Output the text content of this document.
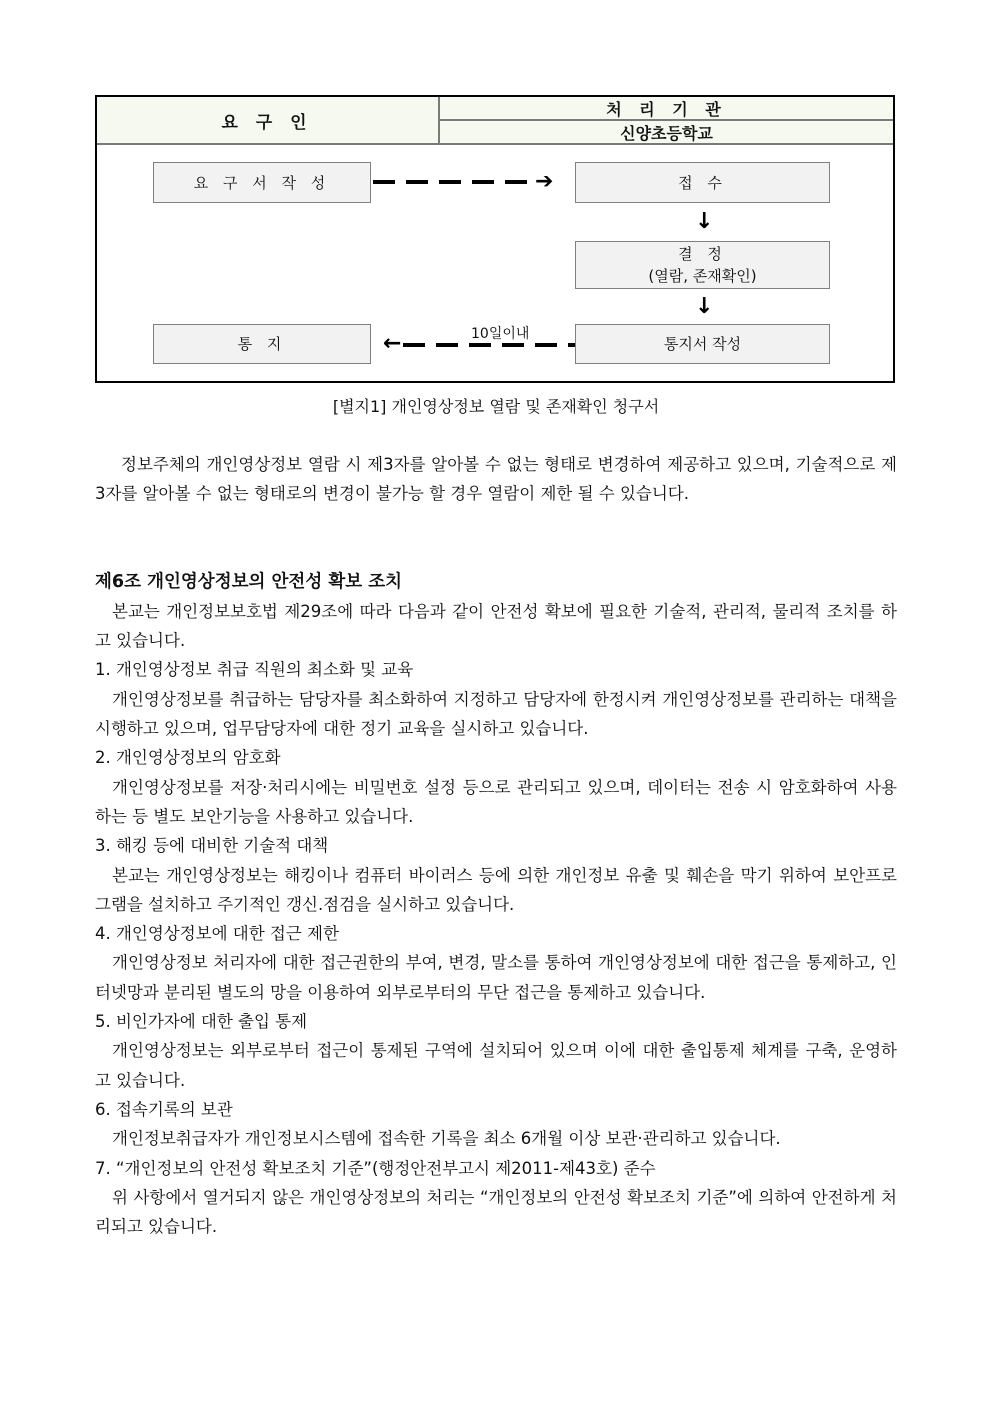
요 구 인
처 리 기 관
신양초등학교
요 구 서 작 성	➔	접 수
↓
결 정
(열람, 존재확인)
↓
통 지	←	10일이내
통지서 작성
[별지1] 개인영상정보 열람 및 존재확인 청구서

정보주체의 개인영상정보 열람 시 제3자를 알아볼 수 없는 형태로 변경하여 제공하고 있으며, 기술적으로 제3자를 알아볼 수 없는 형태로의 변경이 불가능 할 경우 열람이 제한 될 수 있습니다.

제6조 개인영상정보의 안전성 확보 조치

본교는 개인정보보호법 제29조에 따라 다음과 같이 안전성 확보에 필요한 기술적, 관리적, 물리적 조치를 하고 있습니다.

1. 개인영상정보 취급 직원의 최소화 및 교육

개인영상정보를 취급하는 담당자를 최소화하여 지정하고 담당자에 한정시켜 개인영상정보를 관리하는 대책을 시행하고 있으며, 업무담당자에 대한 정기 교육을 실시하고 있습니다.

2. 개인영상정보의 암호화

개인영상정보를 저장·처리시에는 비밀번호 설정 등으로 관리되고 있으며, 데이터는 전송 시 암호화하여 사용하는 등 별도 보안기능을 사용하고 있습니다.

3. 해킹 등에 대비한 기술적 대책

본교는 개인영상정보는 해킹이나 컴퓨터 바이러스 등에 의한 개인정보 유출 및 훼손을 막기 위하여 보안프로그램을 설치하고 주기적인 갱신.점검을 실시하고 있습니다.

4. 개인영상정보에 대한 접근 제한

개인영상정보 처리자에 대한 접근권한의 부여, 변경, 말소를 통하여 개인영상정보에 대한 접근을 통제하고, 인터넷망과 분리된 별도의 망을 이용하여 외부로부터의 무단 접근을 통제하고 있습니다.

5. 비인가자에 대한 출입 통제

개인영상정보는 외부로부터 접근이 통제된 구역에 설치되어 있으며 이에 대한 출입통제 체계를 구축, 운영하고 있습니다.

6. 접속기록의 보관

개인정보취급자가 개인정보시스템에 접속한 기록을 최소 6개월 이상 보관·관리하고 있습니다.

7. “개인정보의 안전성 확보조치 기준”(행정안전부고시 제2011-제43호) 준수

위 사항에서 열거되지 않은 개인영상정보의 처리는 “개인정보의 안전성 확보조치 기준”에 의하여 안전하게 처리되고 있습니다.
